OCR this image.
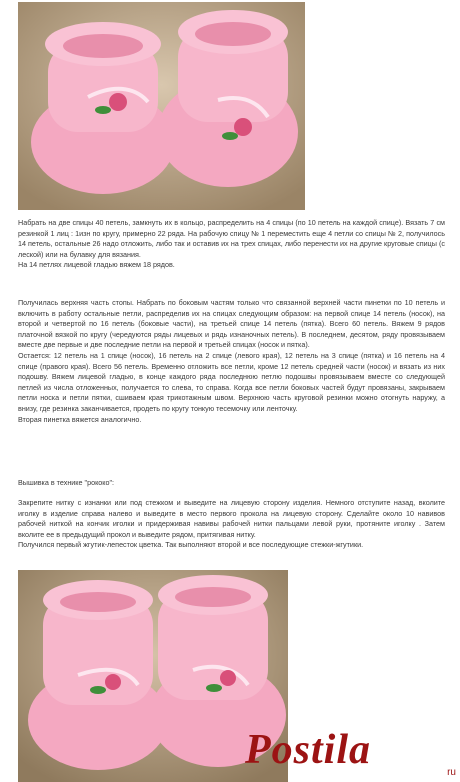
Набрать на две спицы 40 петель, замкнуть их в кольцо, распределить на 4 спицы (по 10 петель на каждой спице). Вязать 7 см резинкой 1 лиц : 1изн по кругу, примерно 22 ряда. На рабочую спицу № 1 переместить еще 4 петли со спицы № 2, получилось 14 петель, остальные 26 надо отложить, либо так и оставив их на трех спицах, либо перенести их на другие круговые спицы (с леской) или на булавку для вязания.

На 14 петлях лицевой гладью вяжем 18 рядов.

Получилась верхняя часть стопы. Набрать по боковым частям только что связанной верхней части пинетки по 10 петель и включить в работу остальные петли, распределив их на спицах следующим образом: на первой спице 14 петель (носок), на второй и четвертой по 16 петель (боковые части), на третьей спице 14 петель (пятка). Всего 60 петель. Вяжем 9 рядов платочной вязкой по кругу (чередуются ряды лицевых и рядь изнаночных петель). В последнем, десятом, ряду провязываем вместе две первые и две последние петли на первой и третьей спицах (носок и пятка).

Остается: 12 петель на 1 спице (носок), 16 петель на 2 спице (левого края), 12 петель на 3 спице (пятка) и 16 петель на 4 спице (правого края). Всего 56 петель. Временно отложить все петли, кроме 12 петель средней части (носок) и вязать из них подошву. Вяжем лицевой гладью, в конце каждого ряда последнюю петлю подошвы провязываем вместе со следующей петлей из числа отложенных, получается то слева, то справа. Когда все петли боковых частей будут провязаны, закрываем петли носка и петли пятки, сшиваем края трикотажным швом. Верхнюю часть круговой резинки можно отогнуть наружу, а внизу, где резинка заканчивается, продеть по кругу тонкую тесемочку или ленточку.

Вторая пинетка вяжется аналогично.

Вышивка в технике "рококо":

Закрепите нитку с изнанки или под стежком и выведите на лицевую сторону изделия. Немного отступите назад, вколите иголку в изделие справа налево и выведите в место первого прокола на лицевую сторону. Сделайте около 10 навивов рабочей ниткой на кончик иголки и придерживая навивы рабочей нитки пальцами левой руки, протяните иголку . Затем вколите ее в предыдущий прокол и выведите рядом, притягивая нитку.

Получился первый жгутик-лепесток цветка. Так выполняют второй и все последующие стежки-жгутики.

Postila	ru
